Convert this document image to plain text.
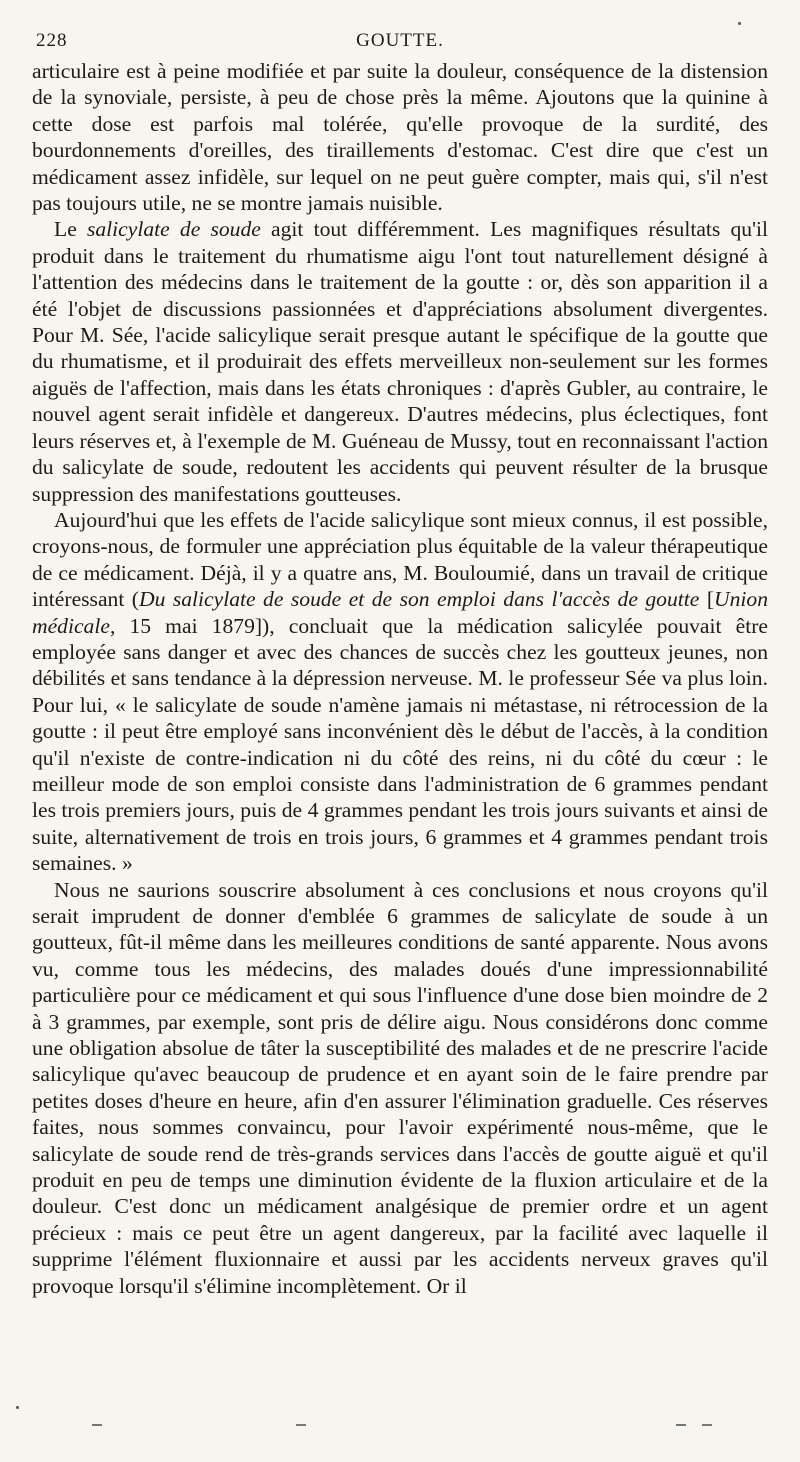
228	GOUTTE.

articulaire est à peine modifiée et par suite la douleur, conséquence de la distension de la synoviale, persiste, à peu de chose près la même. Ajoutons que la quinine à cette dose est parfois mal tolérée, qu'elle provoque de la surdité, des bourdonnements d'oreilles, des tiraillements d'estomac. C'est dire que c'est un médicament assez infidèle, sur lequel on ne peut guère compter, mais qui, s'il n'est pas toujours utile, ne se montre jamais nuisible.

Le salicylate de soude agit tout différemment. Les magnifiques résultats qu'il produit dans le traitement du rhumatisme aigu l'ont tout naturellement désigné à l'attention des médecins dans le traitement de la goutte : or, dès son apparition il a été l'objet de discussions passionnées et d'appréciations absolument divergentes. Pour M. Sée, l'acide salicylique serait presque autant le spécifique de la goutte que du rhumatisme, et il produirait des effets merveilleux non-seulement sur les formes aiguës de l'affection, mais dans les états chroniques : d'après Gubler, au contraire, le nouvel agent serait infidèle et dangereux. D'autres médecins, plus éclectiques, font leurs réserves et, à l'exemple de M. Guéneau de Mussy, tout en reconnaissant l'action du salicylate de soude, redoutent les accidents qui peuvent résulter de la brusque suppression des manifestations goutteuses.

Aujourd'hui que les effets de l'acide salicylique sont mieux connus, il est possible, croyons-nous, de formuler une appréciation plus équitable de la valeur thérapeutique de ce médicament. Déjà, il y a quatre ans, M. Bouloumié, dans un travail de critique intéressant (Du salicylate de soude et de son emploi dans l'accès de goutte [Union médicale, 15 mai 1879]), concluait que la médication salicylée pouvait être employée sans danger et avec des chances de succès chez les goutteux jeunes, non débilités et sans tendance à la dépression nerveuse. M. le professeur Sée va plus loin. Pour lui, « le salicylate de soude n'amène jamais ni métastase, ni rétrocession de la goutte : il peut être employé sans inconvénient dès le début de l'accès, à la condition qu'il n'existe de contre-indication ni du côté des reins, ni du côté du cœur : le meilleur mode de son emploi consiste dans l'administration de 6 grammes pendant les trois premiers jours, puis de 4 grammes pendant les trois jours suivants et ainsi de suite, alternativement de trois en trois jours, 6 grammes et 4 grammes pendant trois semaines. »

Nous ne saurions souscrire absolument à ces conclusions et nous croyons qu'il serait imprudent de donner d'emblée 6 grammes de salicylate de soude à un goutteux, fût-il même dans les meilleures conditions de santé apparente. Nous avons vu, comme tous les médecins, des malades doués d'une impressionnabilité particulière pour ce médicament et qui sous l'influence d'une dose bien moindre de 2 à 3 grammes, par exemple, sont pris de délire aigu. Nous considérons donc comme une obligation absolue de tâter la susceptibilité des malades et de ne prescrire l'acide salicylique qu'avec beaucoup de prudence et en ayant soin de le faire prendre par petites doses d'heure en heure, afin d'en assurer l'élimination graduelle. Ces réserves faites, nous sommes convaincu, pour l'avoir expérimenté nous-même, que le salicylate de soude rend de très-grands services dans l'accès de goutte aiguë et qu'il produit en peu de temps une diminution évidente de la fluxion articulaire et de la douleur. C'est donc un médicament analgésique de premier ordre et un agent précieux : mais ce peut être un agent dangereux, par la facilité avec laquelle il supprime l'élément fluxionnaire et aussi par les accidents nerveux graves qu'il provoque lorsqu'il s'élimine incomplètement. Or il
